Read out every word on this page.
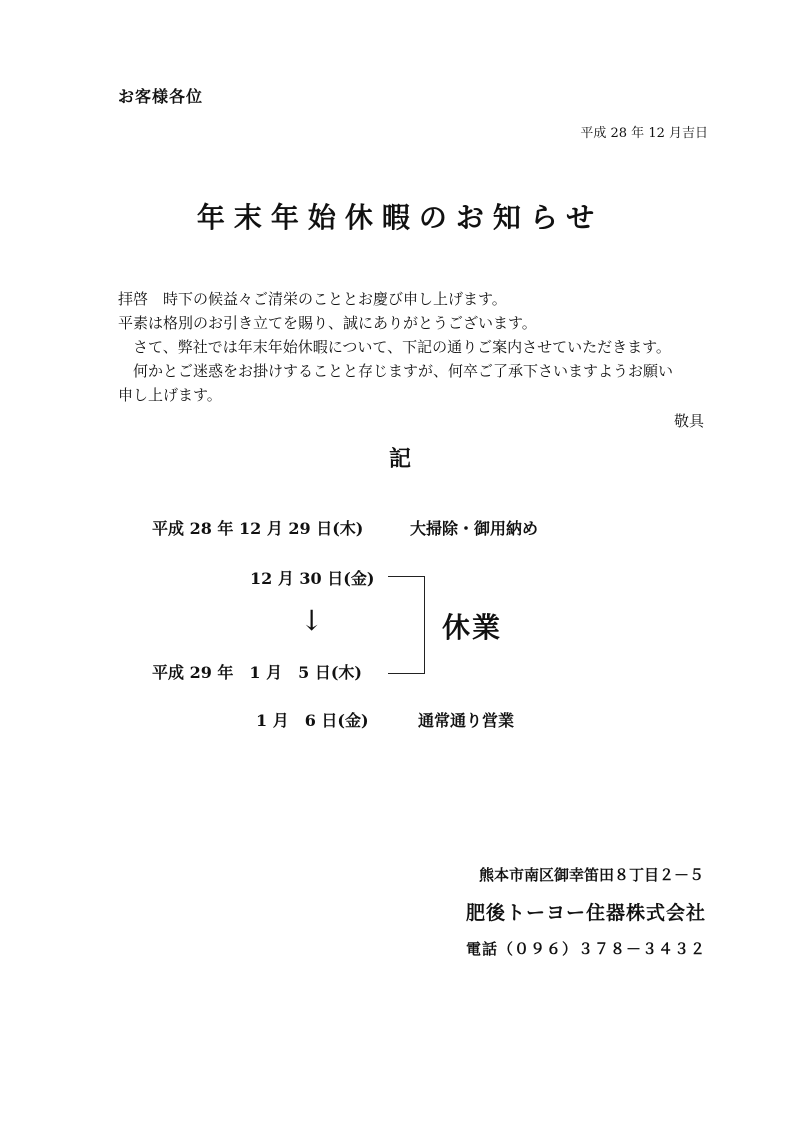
お客様各位
平成 28 年 12 月吉日
年末年始休暇のお知らせ
拝啓　時下の候益々ご清栄のこととお慶び申し上げます。
平素は格別のお引き立てを賜り、誠にありがとうございます。
　さて、弊社では年末年始休暇について、下記の通りご案内させていただきます。
　何かとご迷惑をお掛けすることと存じますが、何卒ご了承下さいますようお願い
申し上げます。
敬具
記
平成 28 年 12 月 29 日(木)	大掃除・御用納め
12 月 30 日(金)
↓
平成 29 年　1 月　5 日(木)
休業
1 月　6 日(金)	通常通り営業
熊本市南区御幸笛田８丁目２－５
肥後トーヨー住器株式会社
電話（０９６）３７８－３４３２
